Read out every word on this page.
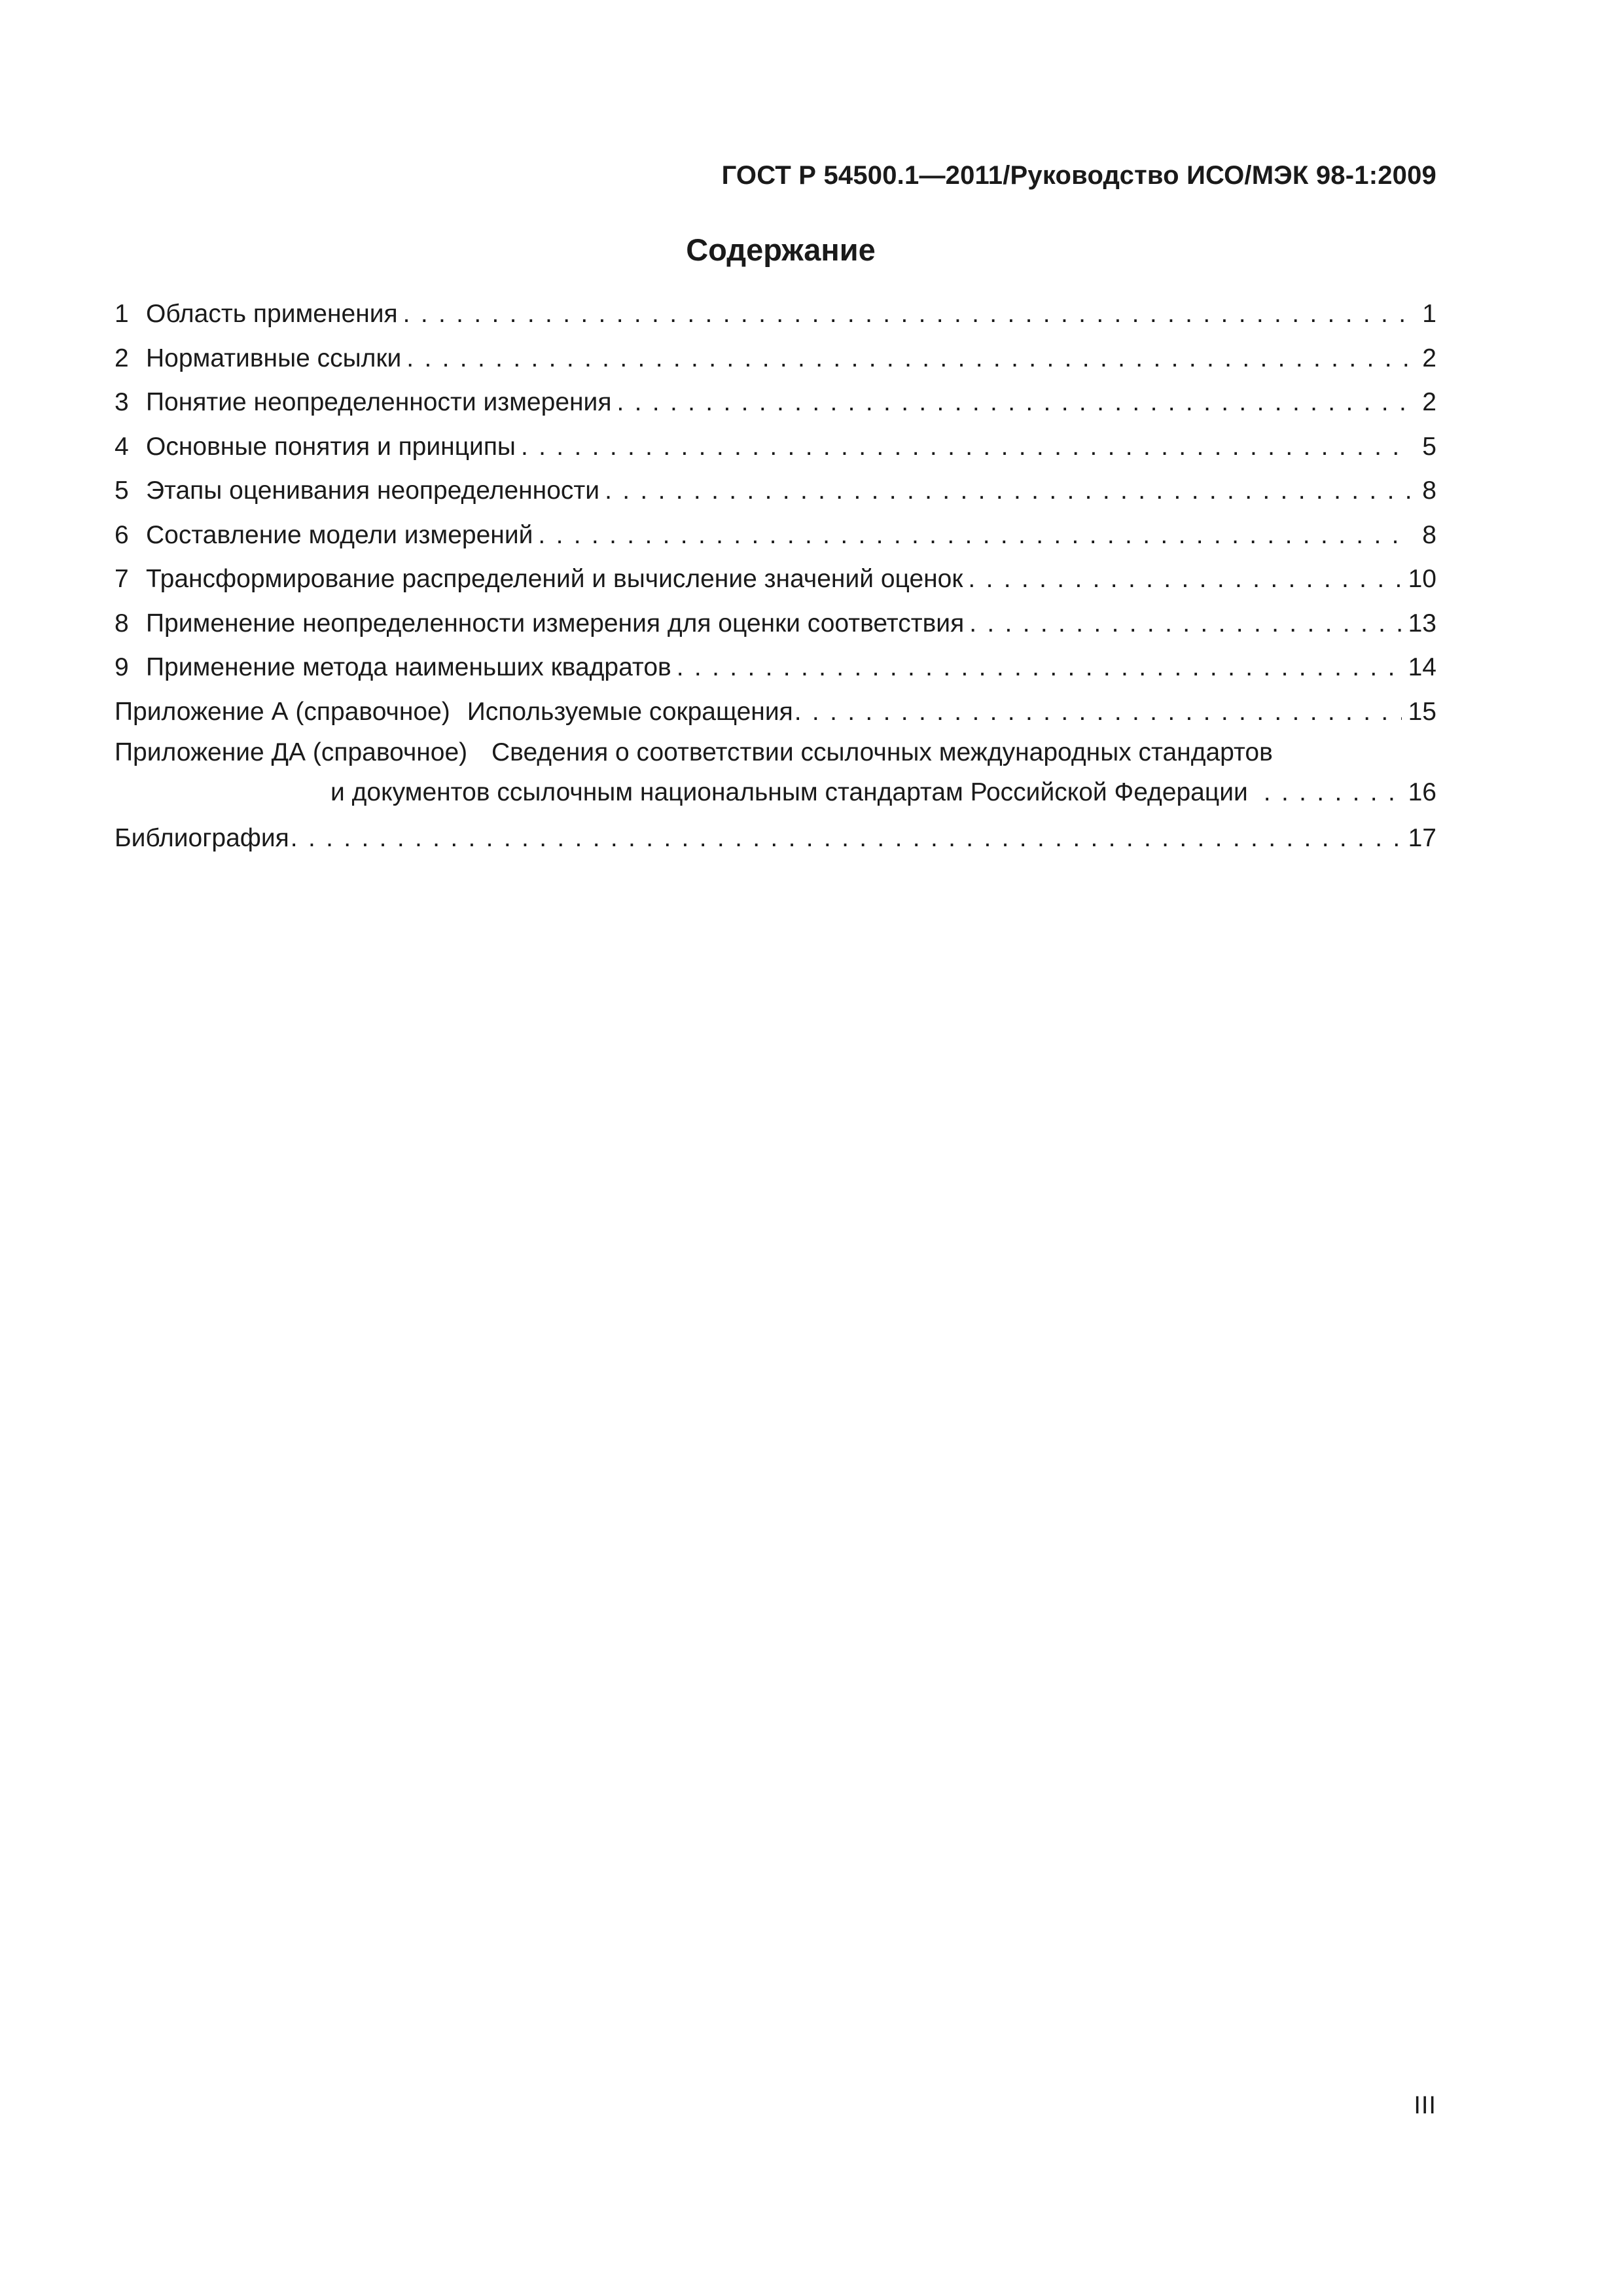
ГОСТ Р 54500.1—2011/Руководство ИСО/МЭК 98-1:2009
Содержание
1 Область применения . . .	1
2 Нормативные ссылки . . .	2
3 Понятие неопределенности измерения . . .	2
4 Основные понятия и принципы . . .	5
5 Этапы оценивания неопределенности . . .	8
6 Составление модели измерений . . .	8
7 Трансформирование распределений и вычисление значений оценок . . .	10
8 Применение неопределенности измерения для оценки соответствия . . .	13
9 Применение метода наименьших квадратов . . .	14
Приложение А (справочное) Используемые сокращения . . .	15
Приложение ДА (справочное) Сведения о соответствии ссылочных международных стандартов
и документов ссылочным национальным стандартам Российской Федерации . . .	16
Библиография . . .	17
III
